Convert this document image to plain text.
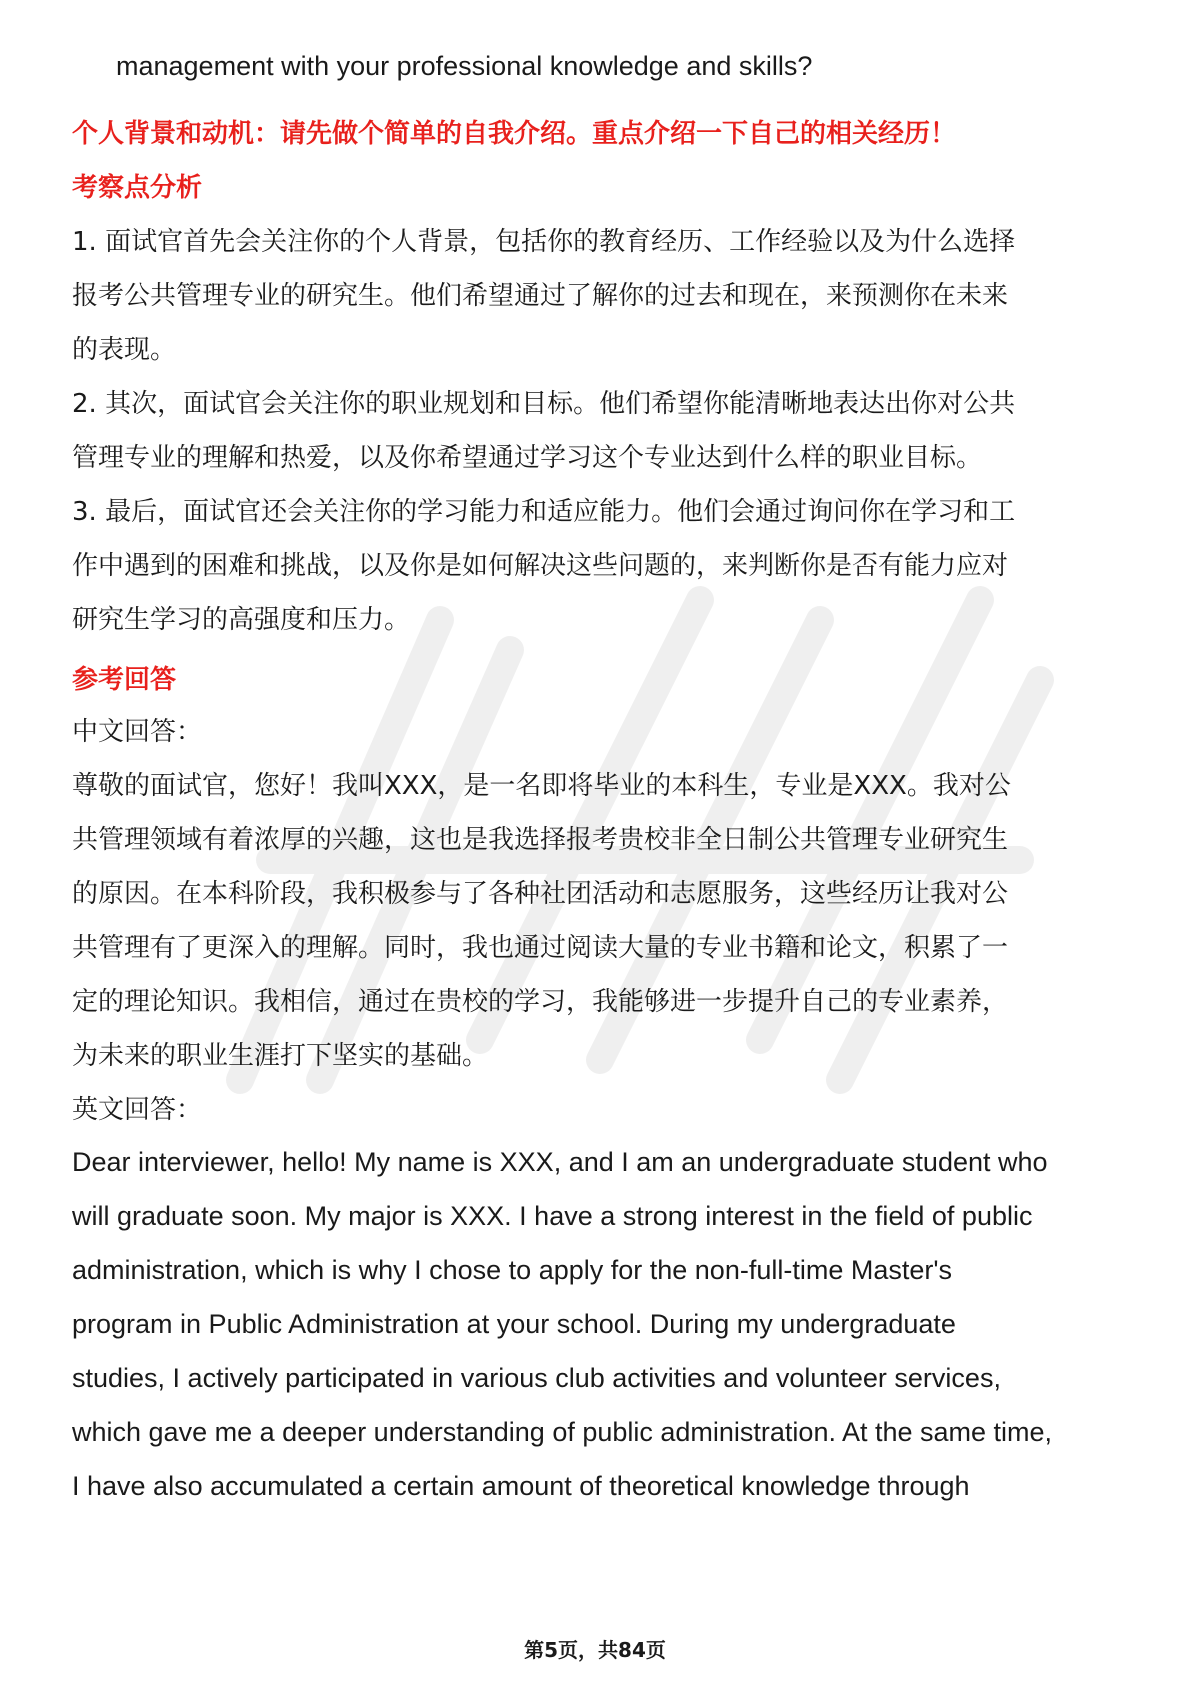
management with your professional knowledge and skills?
个人背景和动机：请先做个简单的自我介绍。重点介绍一下自己的相关经历！
考察点分析
1. 面试官首先会关注你的个人背景，包括你的教育经历、工作经验以及为什么选择
报考公共管理专业的研究生。他们希望通过了解你的过去和现在，来预测你在未来
的表现。
2. 其次，面试官会关注你的职业规划和目标。他们希望你能清晰地表达出你对公共
管理专业的理解和热爱，以及你希望通过学习这个专业达到什么样的职业目标。
3. 最后，面试官还会关注你的学习能力和适应能力。他们会通过询问你在学习和工
作中遇到的困难和挑战，以及你是如何解决这些问题的，来判断你是否有能力应对
研究生学习的高强度和压力。
参考回答
中文回答：
尊敬的面试官，您好！我叫XXX，是一名即将毕业的本科生，专业是XXX。我对公
共管理领域有着浓厚的兴趣，这也是我选择报考贵校非全日制公共管理专业研究生
的原因。在本科阶段，我积极参与了各种社团活动和志愿服务，这些经历让我对公
共管理有了更深入的理解。同时，我也通过阅读大量的专业书籍和论文，积累了一
定的理论知识。我相信，通过在贵校的学习，我能够进一步提升自己的专业素养，
为未来的职业生涯打下坚实的基础。
英文回答：
Dear interviewer, hello! My name is XXX, and I am an undergraduate student who
will graduate soon. My major is XXX. I have a strong interest in the field of public
administration, which is why I chose to apply for the non-full-time Master's
program in Public Administration at your school. During my undergraduate
studies, I actively participated in various club activities and volunteer services,
which gave me a deeper understanding of public administration. At the same time,
I have also accumulated a certain amount of theoretical knowledge through
第5页，共84页
